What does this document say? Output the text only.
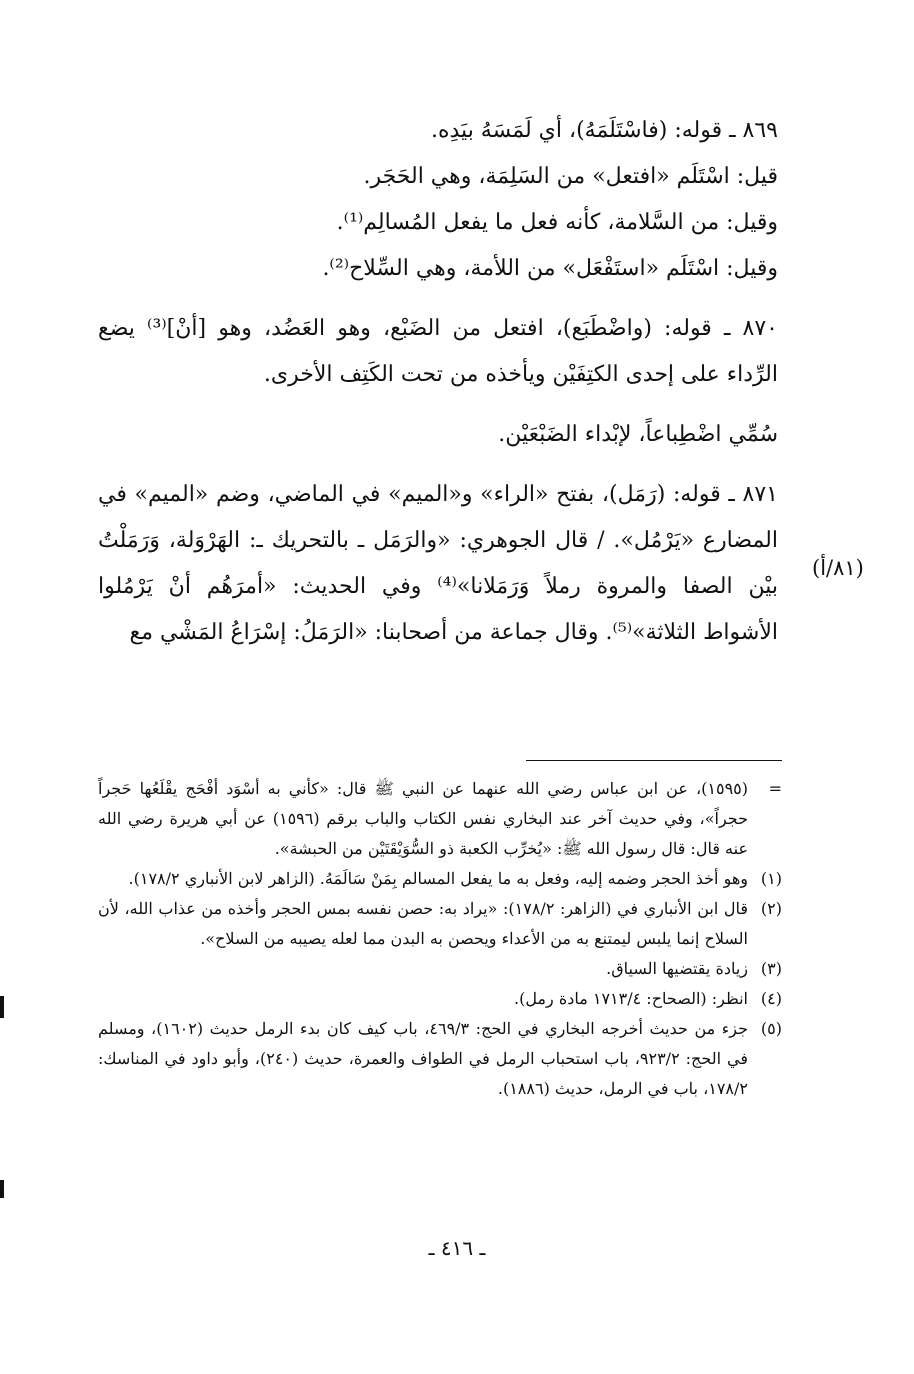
٨٦٩ ـ قوله: (فاسْتَلَمَهُ)، أي لَمَسَهُ بيَدِه.

قيل: اسْتَلَم «افتعل» من السَلِمَة، وهي الحَجَر.

وقيل: من السَّلامة، كأنه فعل ما يفعل المُسالِم⁽¹⁾.

وقيل: اسْتَلَم «استَفْعَل» من اللأمة، وهي السِّلاح⁽²⁾.

٨٧٠ ـ قوله: (واضْطَبَع)، افتعل من الضَبْع، وهو العَضُد، وهو [أنْ]⁽³⁾ يضع الرِّداء على إحدى الكتِفَيْن ويأخذه من تحت الكَتِف الأخرى.

سُمِّي اضْطِباعاً، لإبْداء الضَبْعَيْن.

٨٧١ ـ قوله: (رَمَل)، بفتح «الراء» و«الميم» في الماضي، وضم «الميم» في المضارع «يَرْمُل». / قال الجوهري: «والرَمَل ـ بالتحريك ـ: الهَرْوَلة، وَرَمَلْتُ بيْن الصفا والمروة رملاً وَرَمَلانا»⁽⁴⁾ وفي الحديث: «أمرَهُم أنْ يَرْمُلوا الأشواط الثلاثة»⁽⁵⁾. وقال جماعة من أصحابنا: «الرَمَلُ: إسْرَاعُ المَشْي مع

(٨١/أ)
=
(١٥٩٥)، عن ابن عباس رضي الله عنهما عن النبي ﷺ قال: «كأني به أسْوَد أفْحَج يقْلَعُها حَجراً حجراً»، وفي حديث آخر عند البخاري نفس الكتاب والباب برقم (١٥٩٦) عن أبي هريرة رضي الله عنه قال: قال رسول الله ﷺ: «يُخرِّب الكعبة ذو السُّوَيْقَتَيْن من الحبشة».
(١)
وهو أخذ الحجر وضمه إليه، وفعل به ما يفعل المسالم بِمَنْ سَالَمَهُ. (الزاهر لابن الأنباري ١٧٨/٢).
(٢)
قال ابن الأنباري في (الزاهر: ١٧٨/٢): «يراد به: حصن نفسه بمس الحجر وأخذه من عذاب الله، لأن السلاح إنما يلبس ليمتنع به من الأعداء ويحصن به البدن مما لعله يصيبه من السلاح».
(٣)
زيادة يقتضيها السياق.
(٤)
انظر: (الصحاح: ١٧١٣/٤ مادة رمل).
(٥)
جزء من حديث أخرجه البخاري في الحج: ٤٦٩/٣، باب كيف كان بدء الرمل حديث (١٦٠٢)، ومسلم في الحج: ٩٢٣/٢، باب استحباب الرمل في الطواف والعمرة، حديث (٢٤٠)، وأبو داود في المناسك: ١٧٨/٢، باب في الرمل، حديث (١٨٨٦).
ـ ٤١٦ ـ
